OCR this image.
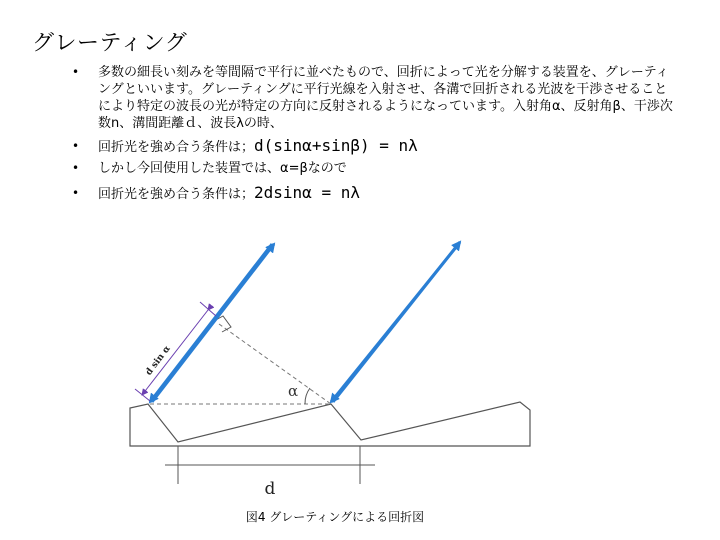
グレーティング
• 多数の細長い刻みを等間隔で平行に並べたもので、回折によって光を分解する装置を、グレーティングといいます。グレーティングに平行光線を入射させ、各溝で回折される光波を干渉させることにより特定の波長の光が特定の方向に反射されるようになっています。入射角α、反射角β、干渉次数n、溝間距離ｄ、波長λの時、
• 回折光を強め合う条件は；d(sinα+sinβ) = nλ
• しかし今回使用した装置では、α=βなので
• 回折光を強め合う条件は；2dsinα = nλ
α
d sin α
d
図4 グレーティングによる回折図
